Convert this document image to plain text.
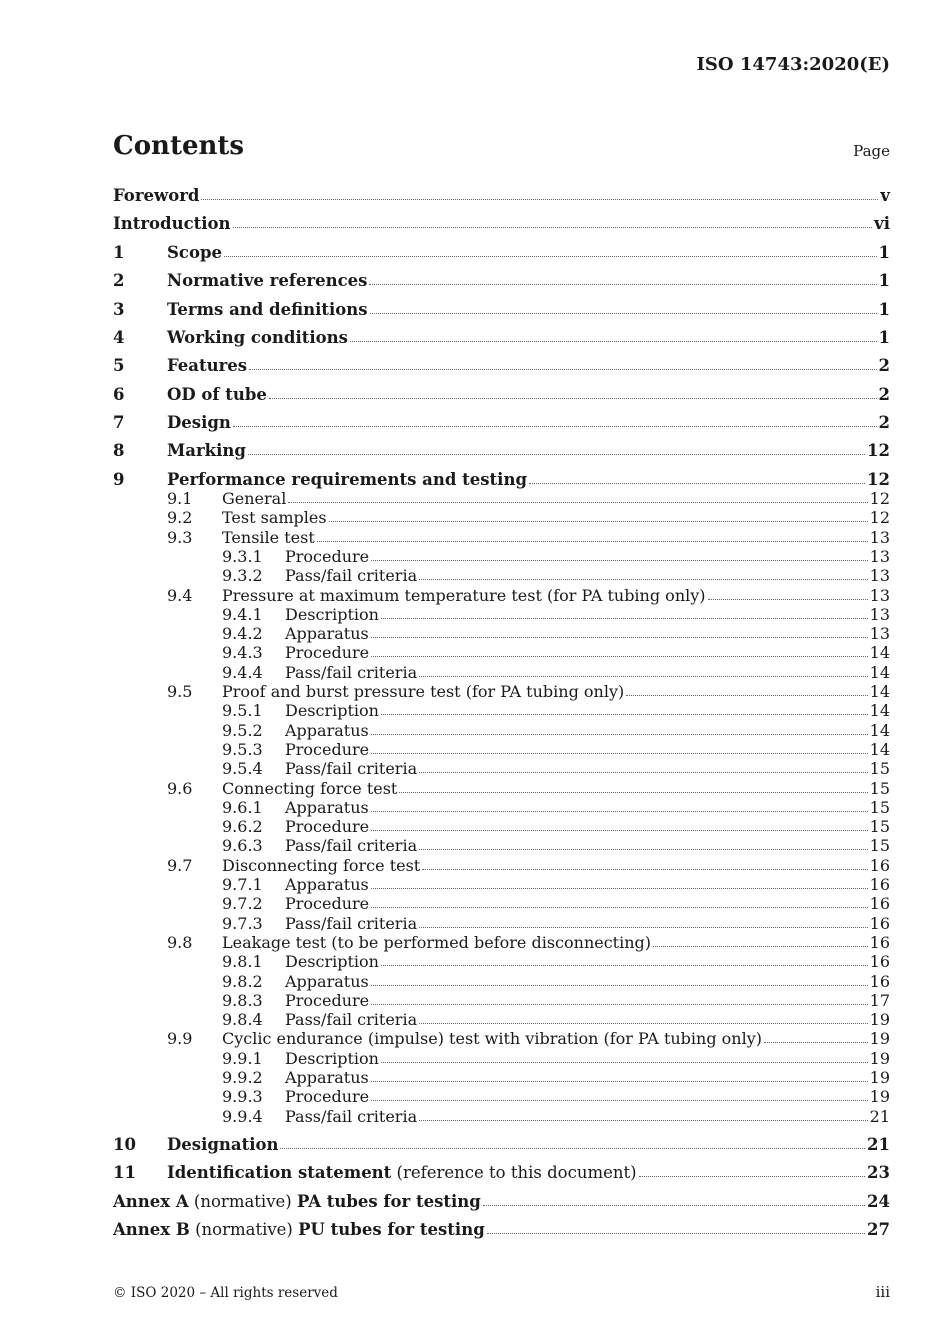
ISO 14743:2020(E)
Contents	Page
Foreword	v
Introduction	vi
1	Scope	1
2	Normative references	1
3	Terms and definitions	1
4	Working conditions	1
5	Features	2
6	OD of tube	2
7	Design	2
8	Marking	12
9	Performance requirements and testing	12
9.1	General	12
9.2	Test samples	12
9.3	Tensile test	13
9.3.1	Procedure	13
9.3.2	Pass/fail criteria	13
9.4	Pressure at maximum temperature test (for PA tubing only)	13
9.4.1	Description	13
9.4.2	Apparatus	13
9.4.3	Procedure	14
9.4.4	Pass/fail criteria	14
9.5	Proof and burst pressure test (for PA tubing only)	14
9.5.1	Description	14
9.5.2	Apparatus	14
9.5.3	Procedure	14
9.5.4	Pass/fail criteria	15
9.6	Connecting force test	15
9.6.1	Apparatus	15
9.6.2	Procedure	15
9.6.3	Pass/fail criteria	15
9.7	Disconnecting force test	16
9.7.1	Apparatus	16
9.7.2	Procedure	16
9.7.3	Pass/fail criteria	16
9.8	Leakage test (to be performed before disconnecting)	16
9.8.1	Description	16
9.8.2	Apparatus	16
9.8.3	Procedure	17
9.8.4	Pass/fail criteria	19
9.9	Cyclic endurance (impulse) test with vibration (for PA tubing only)	19
9.9.1	Description	19
9.9.2	Apparatus	19
9.9.3	Procedure	19
9.9.4	Pass/fail criteria	21
10	Designation	21
11	Identification statement (reference to this document)	23
Annex A (normative) PA tubes for testing	24
Annex B (normative) PU tubes for testing	27
© ISO 2020 – All rights reserved	iii
